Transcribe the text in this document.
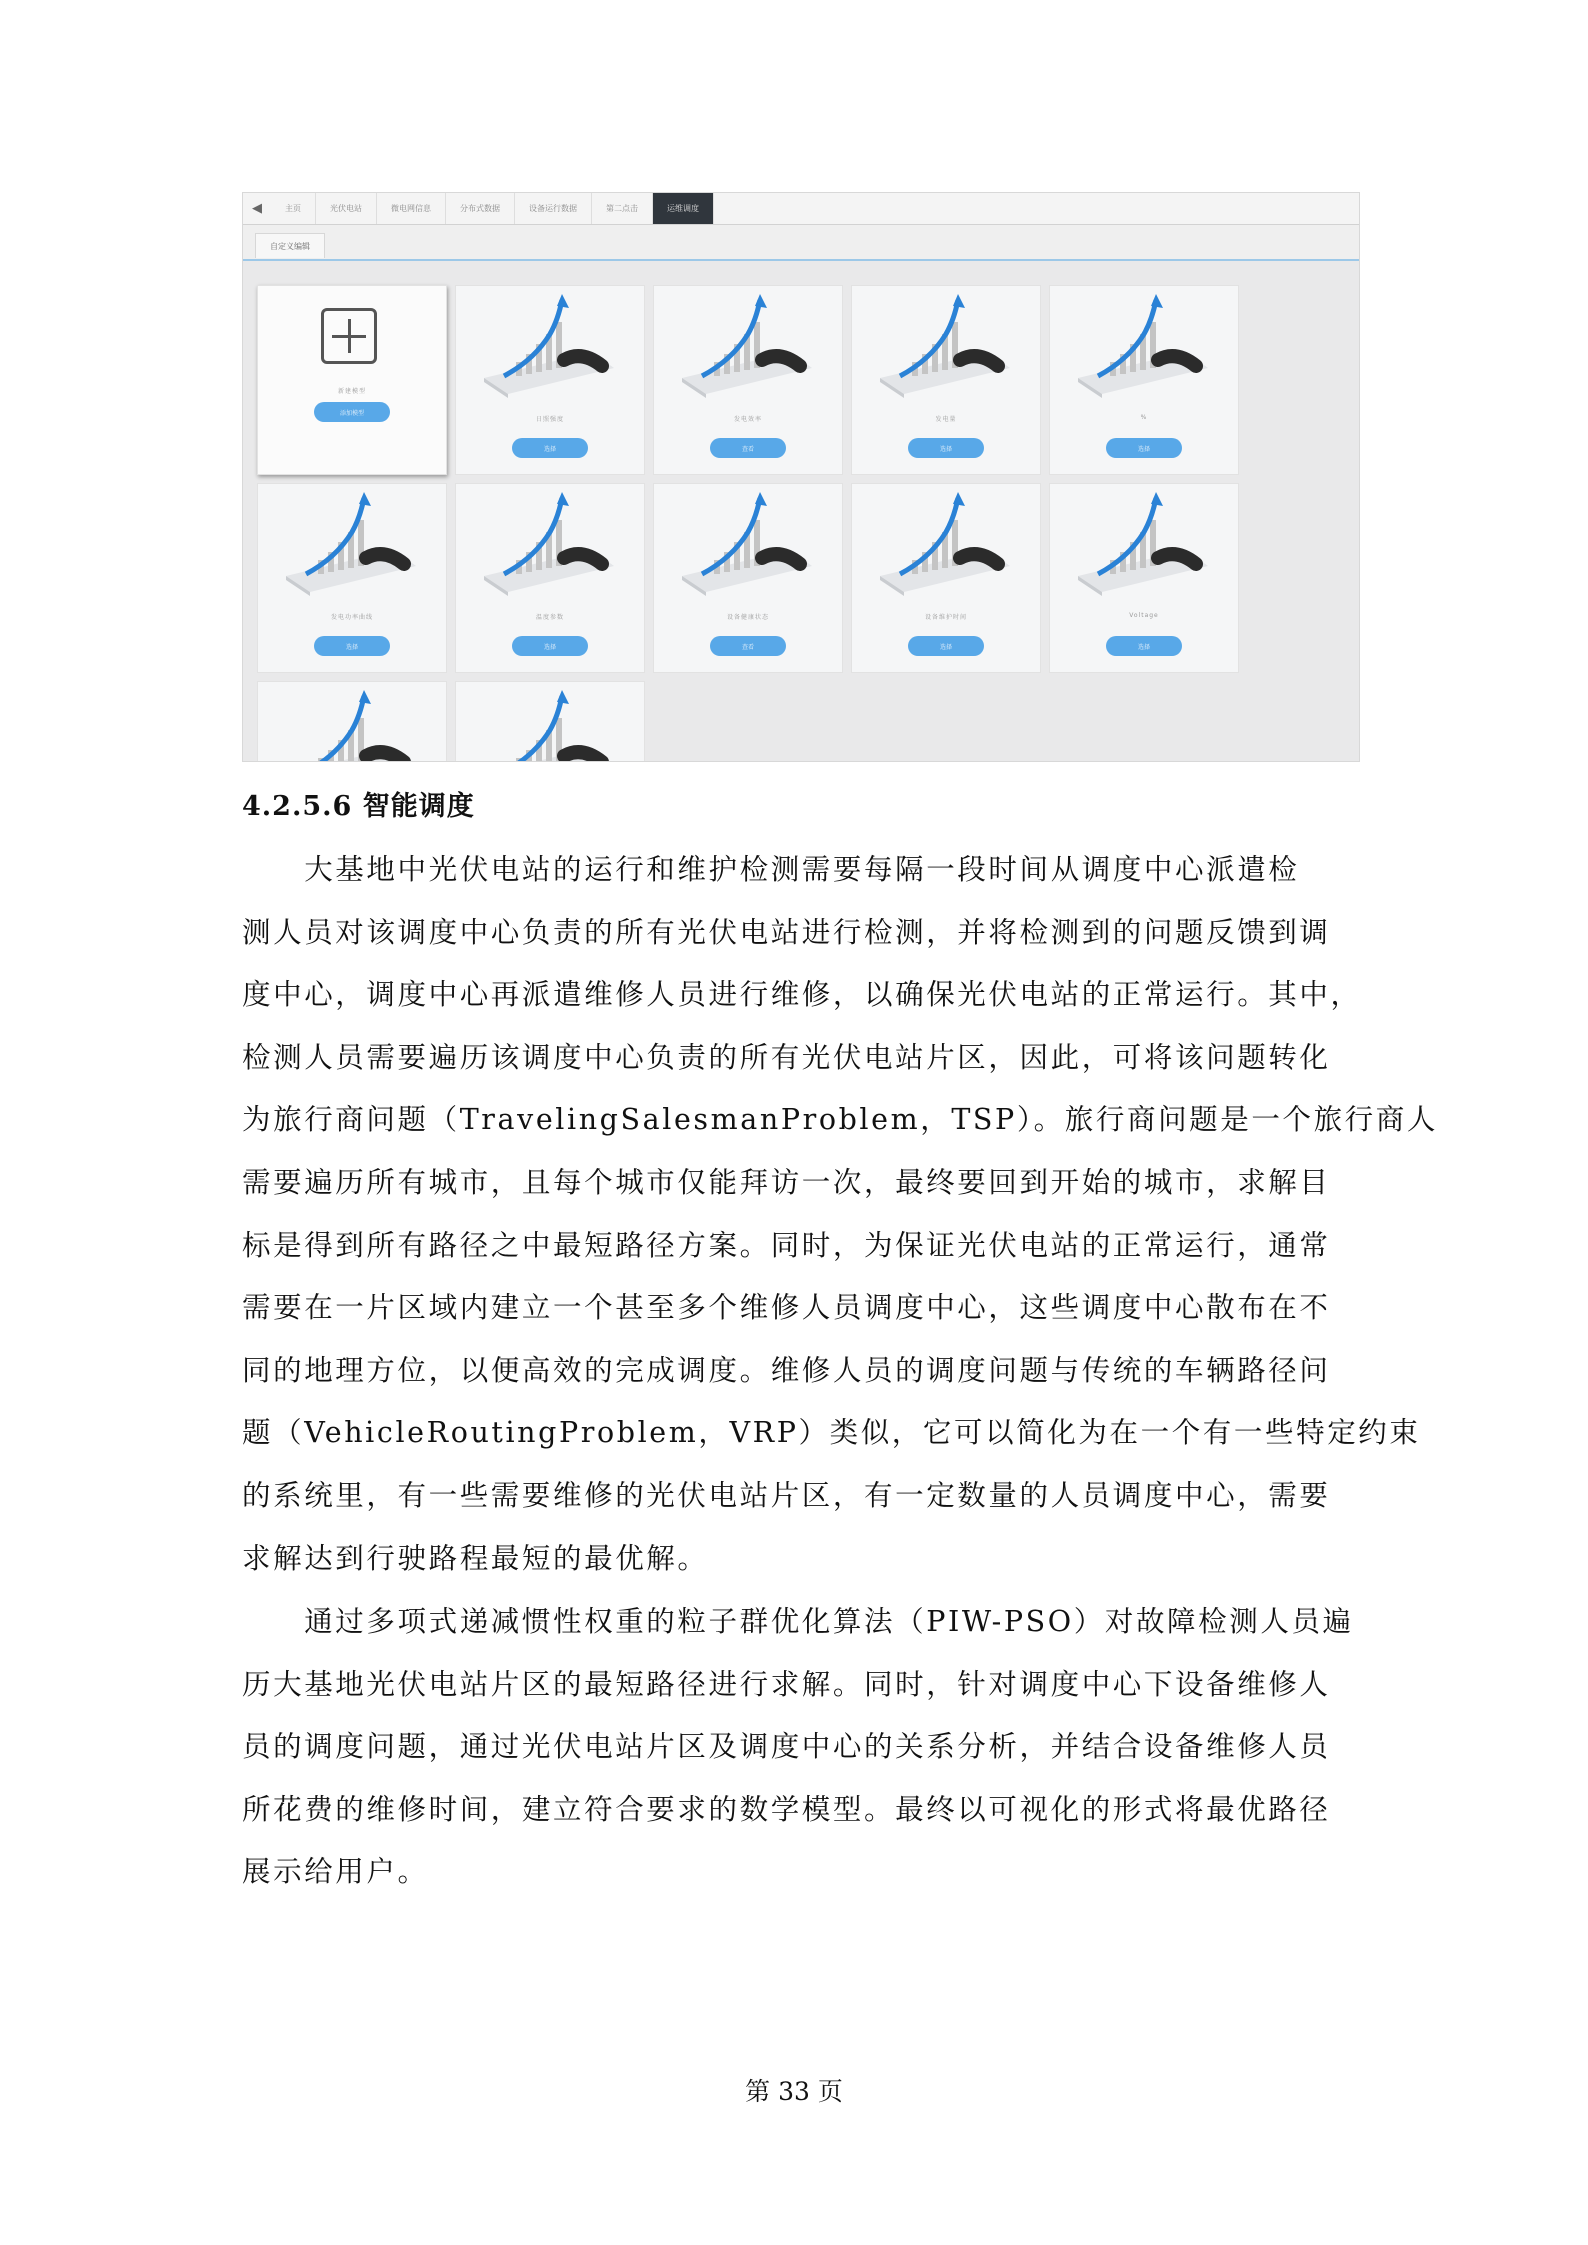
◀	主页	光伏电站	微电网信息	分布式数据	设备运行数据	第二点击	运维调度
自定义编辑
新建模型
添加模型
日照强度
选择
发电效率
查看
发电量
选择
%
选择
发电功率曲线
选择
温度参数
选择
设备健康状态
查看
设备维护时间
选择
Voltage
选择
4.2.5.6 智能调度
　　大基地中光伏电站的运行和维护检测需要每隔一段时间从调度中心派遣检
测人员对该调度中心负责的所有光伏电站进行检测，并将检测到的问题反馈到调
度中心，调度中心再派遣维修人员进行维修，以确保光伏电站的正常运行。其中，
检测人员需要遍历该调度中心负责的所有光伏电站片区，因此，可将该问题转化
为旅行商问题（TravelingSalesmanProblem，TSP）。旅行商问题是一个旅行商人
需要遍历所有城市，且每个城市仅能拜访一次，最终要回到开始的城市，求解目
标是得到所有路径之中最短路径方案。同时，为保证光伏电站的正常运行，通常
需要在一片区域内建立一个甚至多个维修人员调度中心，这些调度中心散布在不
同的地理方位，以便高效的完成调度。维修人员的调度问题与传统的车辆路径问
题（VehicleRoutingProblem，VRP）类似，它可以简化为在一个有一些特定约束
的系统里，有一些需要维修的光伏电站片区，有一定数量的人员调度中心，需要
求解达到行驶路程最短的最优解。
　　通过多项式递减惯性权重的粒子群优化算法（PIW-PSO）对故障检测人员遍
历大基地光伏电站片区的最短路径进行求解。同时，针对调度中心下设备维修人
员的调度问题，通过光伏电站片区及调度中心的关系分析，并结合设备维修人员
所花费的维修时间，建立符合要求的数学模型。最终以可视化的形式将最优路径
展示给用户。
第 33 页
